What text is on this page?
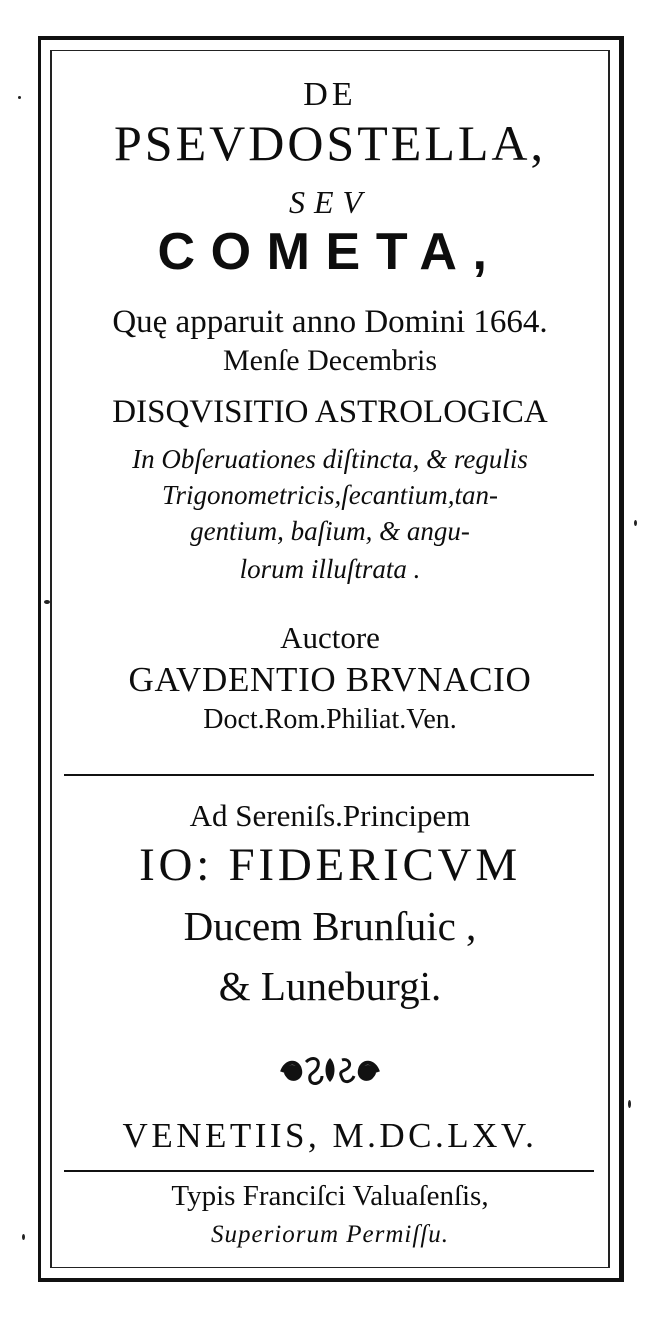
DE
PSEVDOSTELLA,
SEV
COMETA,
Quę apparuit anno Domini 1664.
Menſe Decembris
DISQVISITIO ASTROLOGICA
In Obſeruationes diſtincta, & regulis
Trigonometricis,ſecantium,tan-
gentium, baſium, & angu-
lorum illuſtrata .
Auctore
GAVDENTIO BRVNACIO
Doct.Rom.Philiat.Ven.
Ad Sereniſs.Principem
IO: FIDERICVM
Ducem Brunſuic ,
& Luneburgi.
VENETIIS, M.DC.LXV.
Typis Franciſci Valuaſenſis,
Superiorum Permiſſu.
